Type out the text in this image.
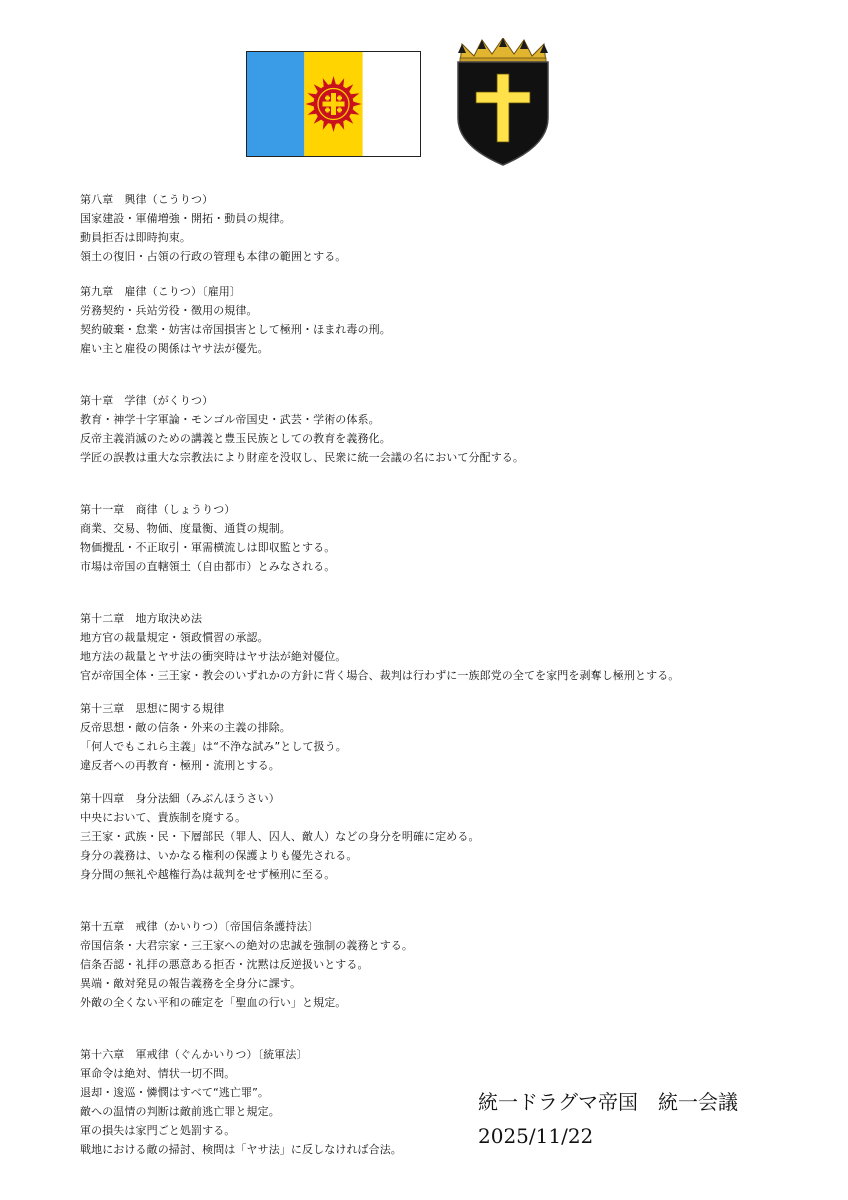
第八章　興律（こうりつ）
国家建設・軍備増強・開拓・動員の規律。
動員拒否は即時拘束。
領土の復旧・占領の行政の管理も本律の範囲とする。
第九章　雇律（こりつ）〔雇用〕
労務契約・兵站労役・徴用の規律。
契約破棄・怠業・妨害は帝国損害として極刑・ほまれ毒の刑。
雇い主と雇役の関係はヤサ法が優先。
第十章　学律（がくりつ）
教育・神学十字軍論・モンゴル帝国史・武芸・学術の体系。
反帝主義消滅のための講義と豊玉民族としての教育を義務化。
学匠の誤教は重大な宗教法により財産を没収し、民衆に統一会議の名において分配する。
第十一章　商律（しょうりつ）
商業、交易、物価、度量衡、通貨の規制。
物価攪乱・不正取引・軍需横流しは即収監とする。
市場は帝国の直轄領土（自由都市）とみなされる。
第十二章　地方取決め法
地方官の裁量規定・領政慣習の承認。
地方法の裁量とヤサ法の衝突時はヤサ法が絶対優位。
官が帝国全体・三王家・教会のいずれかの方針に背く場合、裁判は行わずに一族郎党の全てを家門を剥奪し極刑とする。
第十三章　思想に関する規律
反帝思想・敵の信条・外来の主義の排除。
「何人でもこれら主義」は“不浄な試み”として扱う。
違反者への再教育・極刑・流刑とする。
第十四章　身分法細（みぶんほうさい）
中央において、貴族制を廃する。
三王家・武族・民・下層部民（罪人、囚人、敵人）などの身分を明確に定める。
身分の義務は、いかなる権利の保護よりも優先される。
身分間の無礼や越権行為は裁判をせず極刑に至る。
第十五章　戒律（かいりつ）〔帝国信条護持法〕
帝国信条・大君宗家・三王家への絶対の忠誠を強制の義務とする。
信条否認・礼拝の悪意ある拒否・沈黙は反逆扱いとする。
異端・敵対発見の報告義務を全身分に課す。
外敵の全くない平和の確定を「聖血の行い」と規定。
第十六章　軍戒律（ぐんかいりつ）〔統軍法〕
軍命令は絶対、情状一切不問。
退却・逡巡・憐憫はすべて“逃亡罪”。
敵への温情の判断は敵前逃亡罪と規定。
軍の損失は家門ごと処罰する。
戦地における敵の掃討、検問は「ヤサ法」に反しなければ合法。
統一ドラグマ帝国　統一会議
2025/11/22
